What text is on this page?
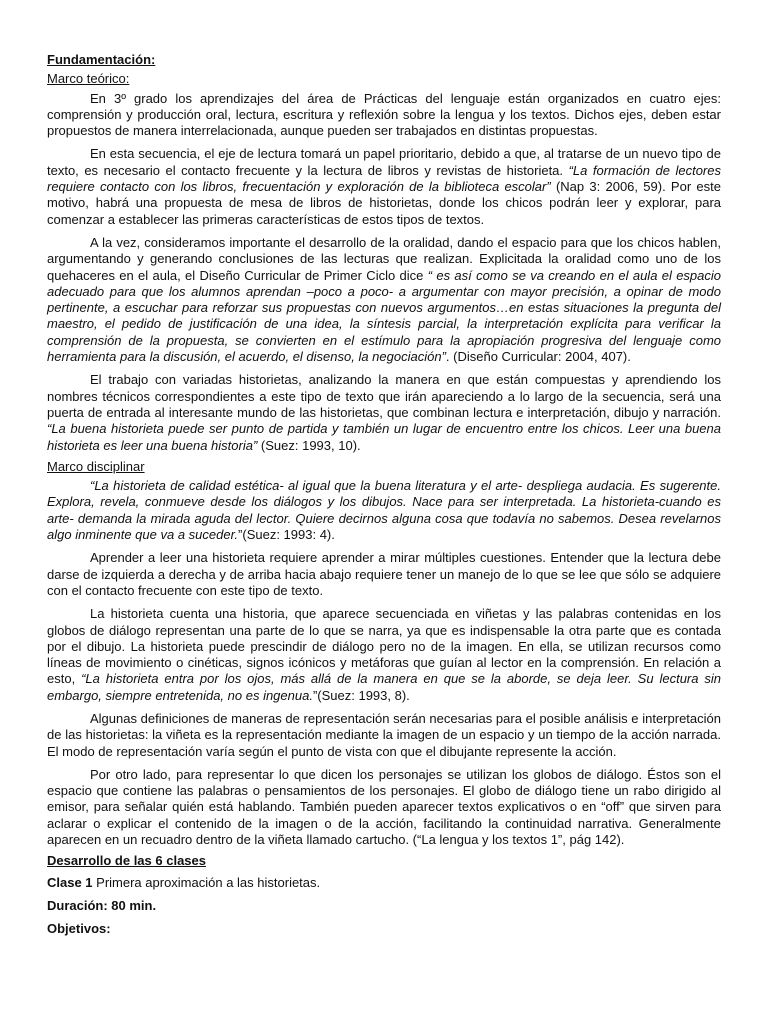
Fundamentación:
Marco teórico:

En 3º grado los aprendizajes del área de Prácticas del lenguaje están organizados en cuatro ejes: comprensión y producción oral, lectura, escritura y reflexión sobre la lengua y los textos. Dichos ejes, deben estar propuestos de manera interrelacionada, aunque pueden ser trabajados en distintas propuestas.

En esta secuencia, el eje de lectura tomará un papel prioritario, debido a que, al tratarse de un nuevo tipo de texto, es necesario el contacto frecuente y la lectura de libros y revistas de historieta. “La formación de lectores requiere contacto con los libros, frecuentación y exploración de la biblioteca escolar” (Nap 3: 2006, 59). Por este motivo, habrá una propuesta de mesa de libros de historietas, donde los chicos podrán leer y explorar, para comenzar a establecer las primeras características de estos tipos de textos.

A la vez, consideramos importante el desarrollo de la oralidad, dando el espacio para que los chicos hablen, argumentando y generando conclusiones de las lecturas que realizan. Explicitada la oralidad como uno de los quehaceres en el aula, el Diseño Curricular de Primer Ciclo dice “ es así como se va creando en el aula el espacio adecuado para que los alumnos aprendan –poco a poco- a argumentar con mayor precisión, a opinar de modo pertinente, a escuchar para reforzar sus propuestas con nuevos argumentos…en estas situaciones la pregunta del maestro, el pedido de justificación de una idea, la síntesis parcial, la interpretación explícita para verificar la comprensión de la propuesta, se convierten en el estímulo para la apropiación progresiva del lenguaje como herramienta para la discusión, el acuerdo, el disenso, la negociación”. (Diseño Curricular: 2004, 407).

El trabajo con variadas historietas, analizando la manera en que están compuestas y aprendiendo los nombres técnicos correspondientes a este tipo de texto que irán apareciendo a lo largo de la secuencia, será una puerta de entrada al interesante mundo de las historietas, que combinan lectura e interpretación, dibujo y narración. “La buena historieta puede ser punto de partida y también un lugar de encuentro entre los chicos. Leer una buena historieta es leer una buena historia” (Suez: 1993, 10).

Marco disciplinar

“La historieta de calidad estética- al igual que la buena literatura y el arte- despliega audacia. Es sugerente. Explora, revela, conmueve desde los diálogos y los dibujos. Nace para ser interpretada. La historieta-cuando es arte- demanda la mirada aguda del lector. Quiere decirnos alguna cosa que todavía no sabemos. Desea revelarnos algo inminente que va a suceder.”(Suez: 1993: 4).

Aprender a leer una historieta requiere aprender a mirar múltiples cuestiones. Entender que la lectura debe darse de izquierda a derecha y de arriba hacia abajo requiere tener un manejo de lo que se lee que sólo se adquiere con el contacto frecuente con este tipo de texto.

La historieta cuenta una historia, que aparece secuenciada en viñetas y las palabras contenidas en los globos de diálogo representan una parte de lo que se narra, ya que es indispensable la otra parte que es contada por el dibujo. La historieta puede prescindir de diálogo pero no de la imagen. En ella, se utilizan recursos como líneas de movimiento o cinéticas, signos icónicos y metáforas que guían al lector en la comprensión. En relación a esto, “La historieta entra por los ojos, más allá de la manera en que se la aborde, se deja leer. Su lectura sin embargo, siempre entretenida, no es ingenua.”(Suez: 1993, 8).

Algunas definiciones de maneras de representación serán necesarias para el posible análisis e interpretación de las historietas: la viñeta es la representación mediante la imagen de un espacio y un tiempo de la acción narrada. El modo de representación varía según el punto de vista con que el dibujante represente la acción.

Por otro lado, para representar lo que dicen los personajes se utilizan los globos de diálogo. Éstos son el espacio que contiene las palabras o pensamientos de los personajes. El globo de diálogo tiene un rabo dirigido al emisor, para señalar quién está hablando. También pueden aparecer textos explicativos o en “off” que sirven para aclarar o explicar el contenido de la imagen o de la acción, facilitando la continuidad narrativa. Generalmente aparecen en un recuadro dentro de la viñeta llamado cartucho. (“La lengua y los textos 1”, pág 142).

Desarrollo de las 6 clases

Clase 1 Primera aproximación a las historietas.

Duración: 80 min.

Objetivos:
